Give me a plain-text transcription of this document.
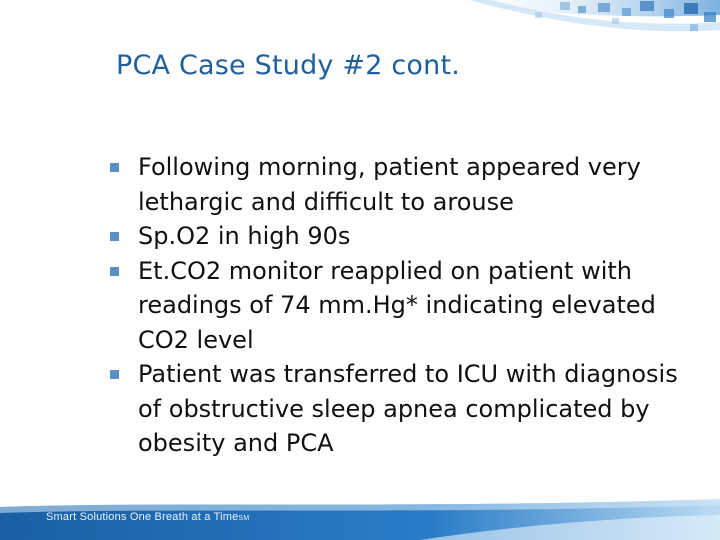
PCA Case Study #2 cont.
Following morning, patient appeared very lethargic and difficult to arouse
Sp.O2 in high 90s
Et.CO2 monitor reapplied on patient with readings of 74 mm.Hg* indicating elevated CO2 level
Patient was transferred to ICU with diagnosis of obstructive sleep apnea complicated by obesity and PCA
Smart Solutions One Breath at a TimeSM
